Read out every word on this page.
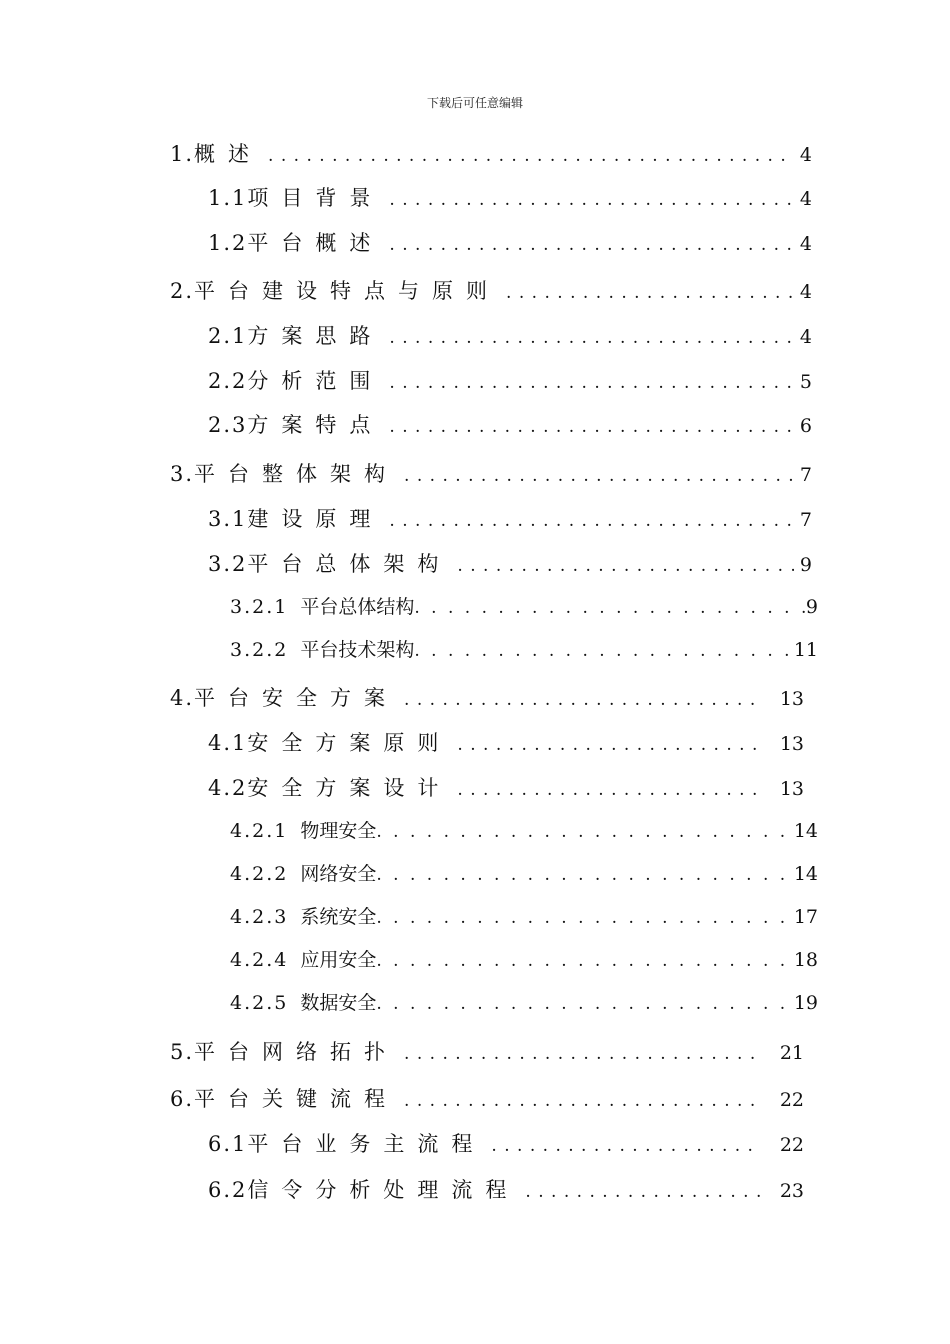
下载后可任意编辑
1. 概述 . . .	4
1.1 项目背景 . . .	4
1.2 平台概述 . . .	4
2. 平台建设特点与原则 . . .	4
2.1 方案思路 . . .	4
2.2 分析范围 . . .	5
2.3 方案特点 . . .	6
3. 平台整体架构 . . .	7
3.1 建设原理 . . .	7
3.2 平台总体架构 . . .	9
3.2.1 平台总体结构 . . .	9
3.2.2 平台技术架构 . . .	11
4. 平台安全方案 . . .	13
4.1 安全方案原则 . . .	13
4.2 安全方案设计 . . .	13
4.2.1 物理安全 . . .	14
4.2.2 网络安全 . . .	14
4.2.3 系统安全 . . .	17
4.2.4 应用安全 . . .	18
4.2.5 数据安全 . . .	19
5. 平台网络拓扑 . . .	21
6. 平台关键流程 . . .	22
6.1 平台业务主流程 . . .	22
6.2 信令分析处理流程 . . .	23
